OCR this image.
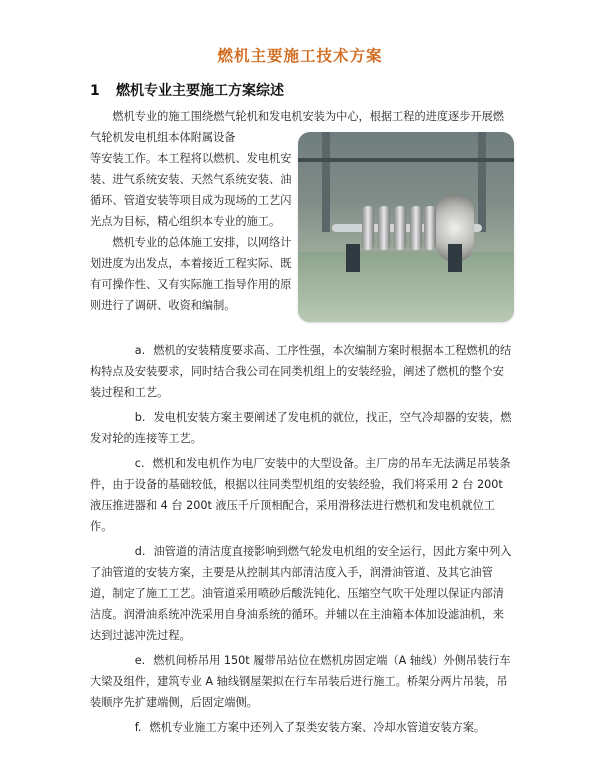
燃机主要施工技术方案
1 燃机专业主要施工方案综述

燃机专业的施工围绕燃气轮机和发电机安装为中心，根据工程的进度逐步开展燃气轮机发电机组本体附属设备

等安装工作。本工程将以燃机、发电机安装、进气系统安装、天然气系统安装、油循环、管道安装等项目成为现场的工艺闪光点为目标，精心组织本专业的施工。

燃机专业的总体施工安排，以网络计划进度为出发点，本着接近工程实际、既有可操作性、又有实际施工指导作用的原则进行了调研、收资和编制。

a. 燃机的安装精度要求高、工序性强，本次编制方案时根据本工程燃机的结构特点及安装要求，同时结合我公司在同类机组上的安装经验，阐述了燃机的整个安装过程和工艺。

b. 发电机安装方案主要阐述了发电机的就位，找正，空气冷却器的安装，燃发对轮的连接等工艺。

c. 燃机和发电机作为电厂安装中的大型设备。主厂房的吊车无法满足吊装条件，由于设备的基础较低，根据以往同类型机组的安装经验，我们将采用 2 台 200t 液压推进器和 4 台 200t 液压千斤顶相配合，采用滑移法进行燃机和发电机就位工作。

d. 油管道的清洁度直接影响到燃气轮发电机组的安全运行，因此方案中列入了油管道的安装方案，主要是从控制其内部清洁度入手，润滑油管道、及其它油管道，制定了施工工艺。油管道采用喷砂后酸洗钝化、压缩空气吹干处理以保证内部清洁度。润滑油系统冲洗采用自身油系统的循环。并辅以在主油箱本体加设滤油机，来达到过滤冲洗过程。

e. 燃机间桥吊用 150t 履带吊站位在燃机房固定端（A 轴线）外侧吊装行车大梁及组件，建筑专业 A 轴线钢屋架拟在行车吊装后进行施工。桥架分两片吊装，吊装顺序先扩建端侧，后固定端侧。

f. 燃机专业施工方案中还列入了泵类安装方案、冷却水管道安装方案。
